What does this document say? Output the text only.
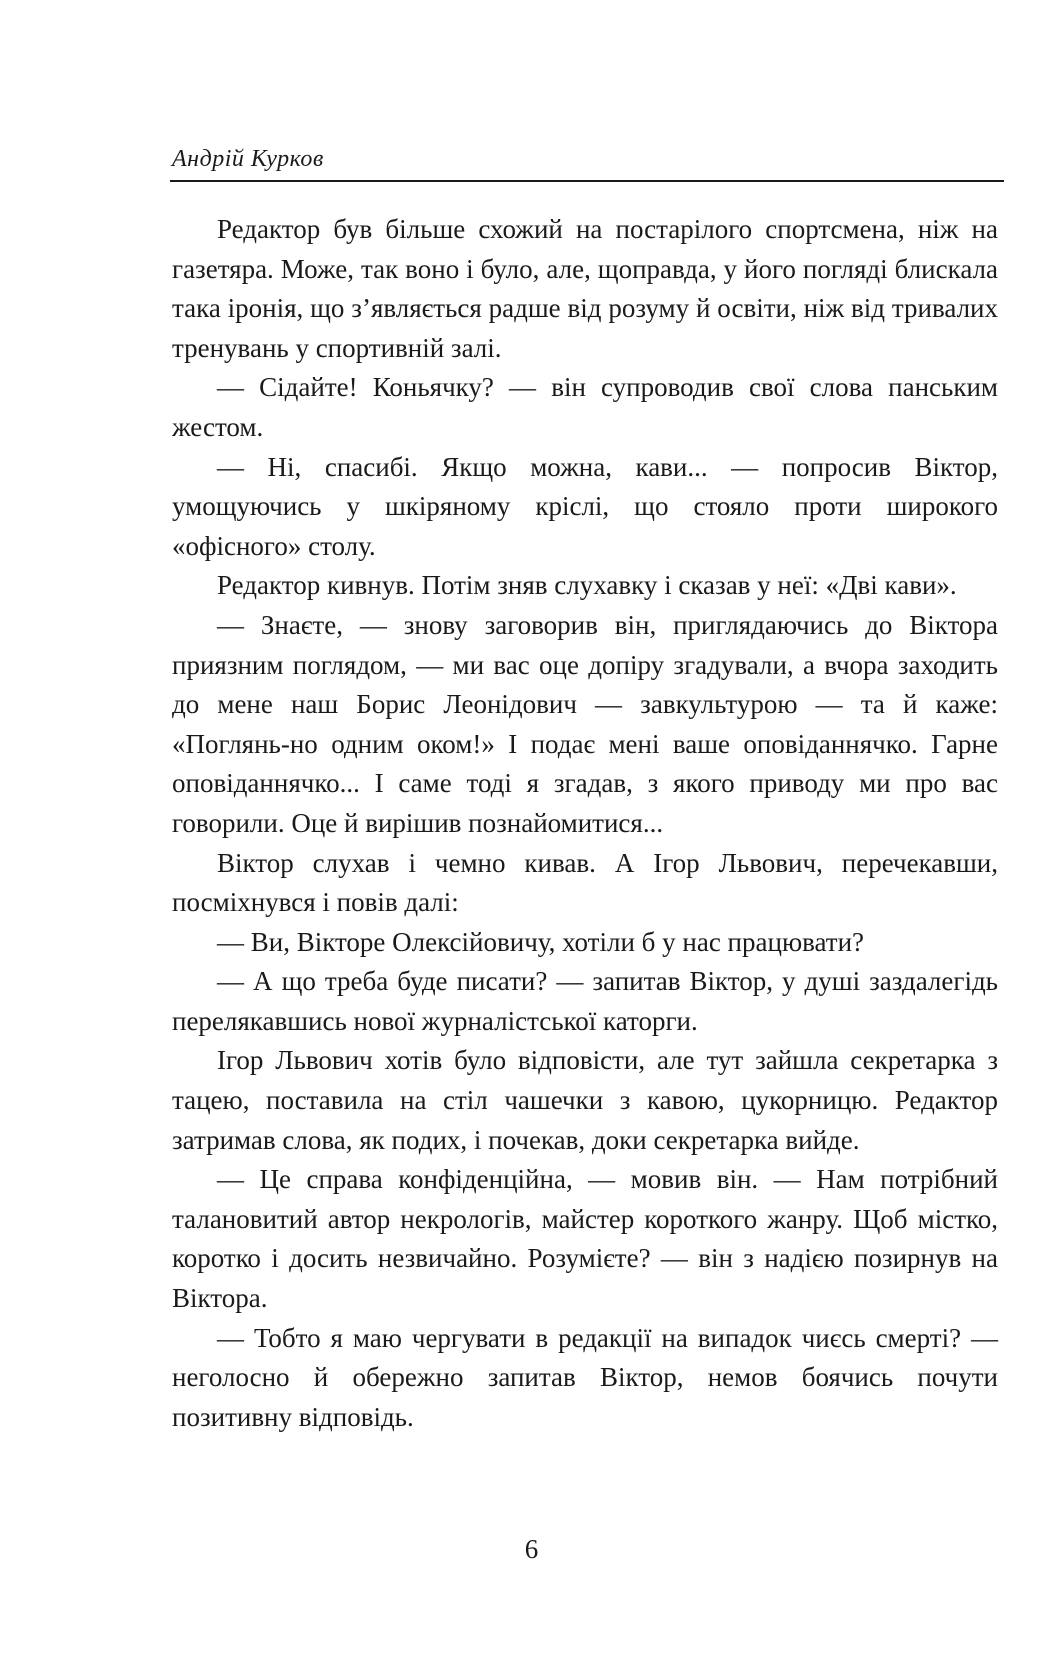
Андрій Курков

Редактор був більше схожий на постарілого спортсмена, ніж на газетяра. Може, так воно і було, але, щоправда, у його погляді блискала така іронія, що з’являється радше від розуму й освіти, ніж від тривалих тренувань у спортивній залі.

— Сідайте! Коньячку? — він супроводив свої слова панським жестом.

— Ні, спасибі. Якщо можна, кави... — попросив Віктор, умощуючись у шкіряному кріслі, що стояло проти широкого «офісного» столу.

Редактор кивнув. Потім зняв слухавку і сказав у неї: «Дві кави».

— Знаєте, — знову заговорив він, приглядаючись до Віктора приязним поглядом, — ми вас оце допіру згадували, а вчора заходить до мене наш Борис Леонідович — завкультурою — та й каже: «Поглянь-но одним оком!» І подає мені ваше оповіданнячко. Гарне оповіданнячко... І саме тоді я згадав, з якого приводу ми про вас говорили. Оце й вирішив познайомитися...

Віктор слухав і чемно кивав. А Ігор Львович, перечекавши, посміхнувся і повів далі:

— Ви, Вікторе Олексійовичу, хотіли б у нас працювати?

— А що треба буде писати? — запитав Віктор, у душі заздалегідь перелякавшись нової журналістської каторги.

Ігор Львович хотів було відповісти, але тут зайшла секретарка з тацею, поставила на стіл чашечки з кавою, цукорницю. Редактор затримав слова, як подих, і почекав, доки секретарка вийде.

— Це справа конфіденційна, — мовив він. — Нам потрібний талановитий автор некрологів, майстер короткого жанру. Щоб містко, коротко і досить незвичайно. Розумієте? — він з надією позирнув на Віктора.

— Тобто я маю чергувати в редакції на випадок чиєсь смерті? — неголосно й обережно запитав Віктор, немов боячись почути позитивну відповідь.

6
